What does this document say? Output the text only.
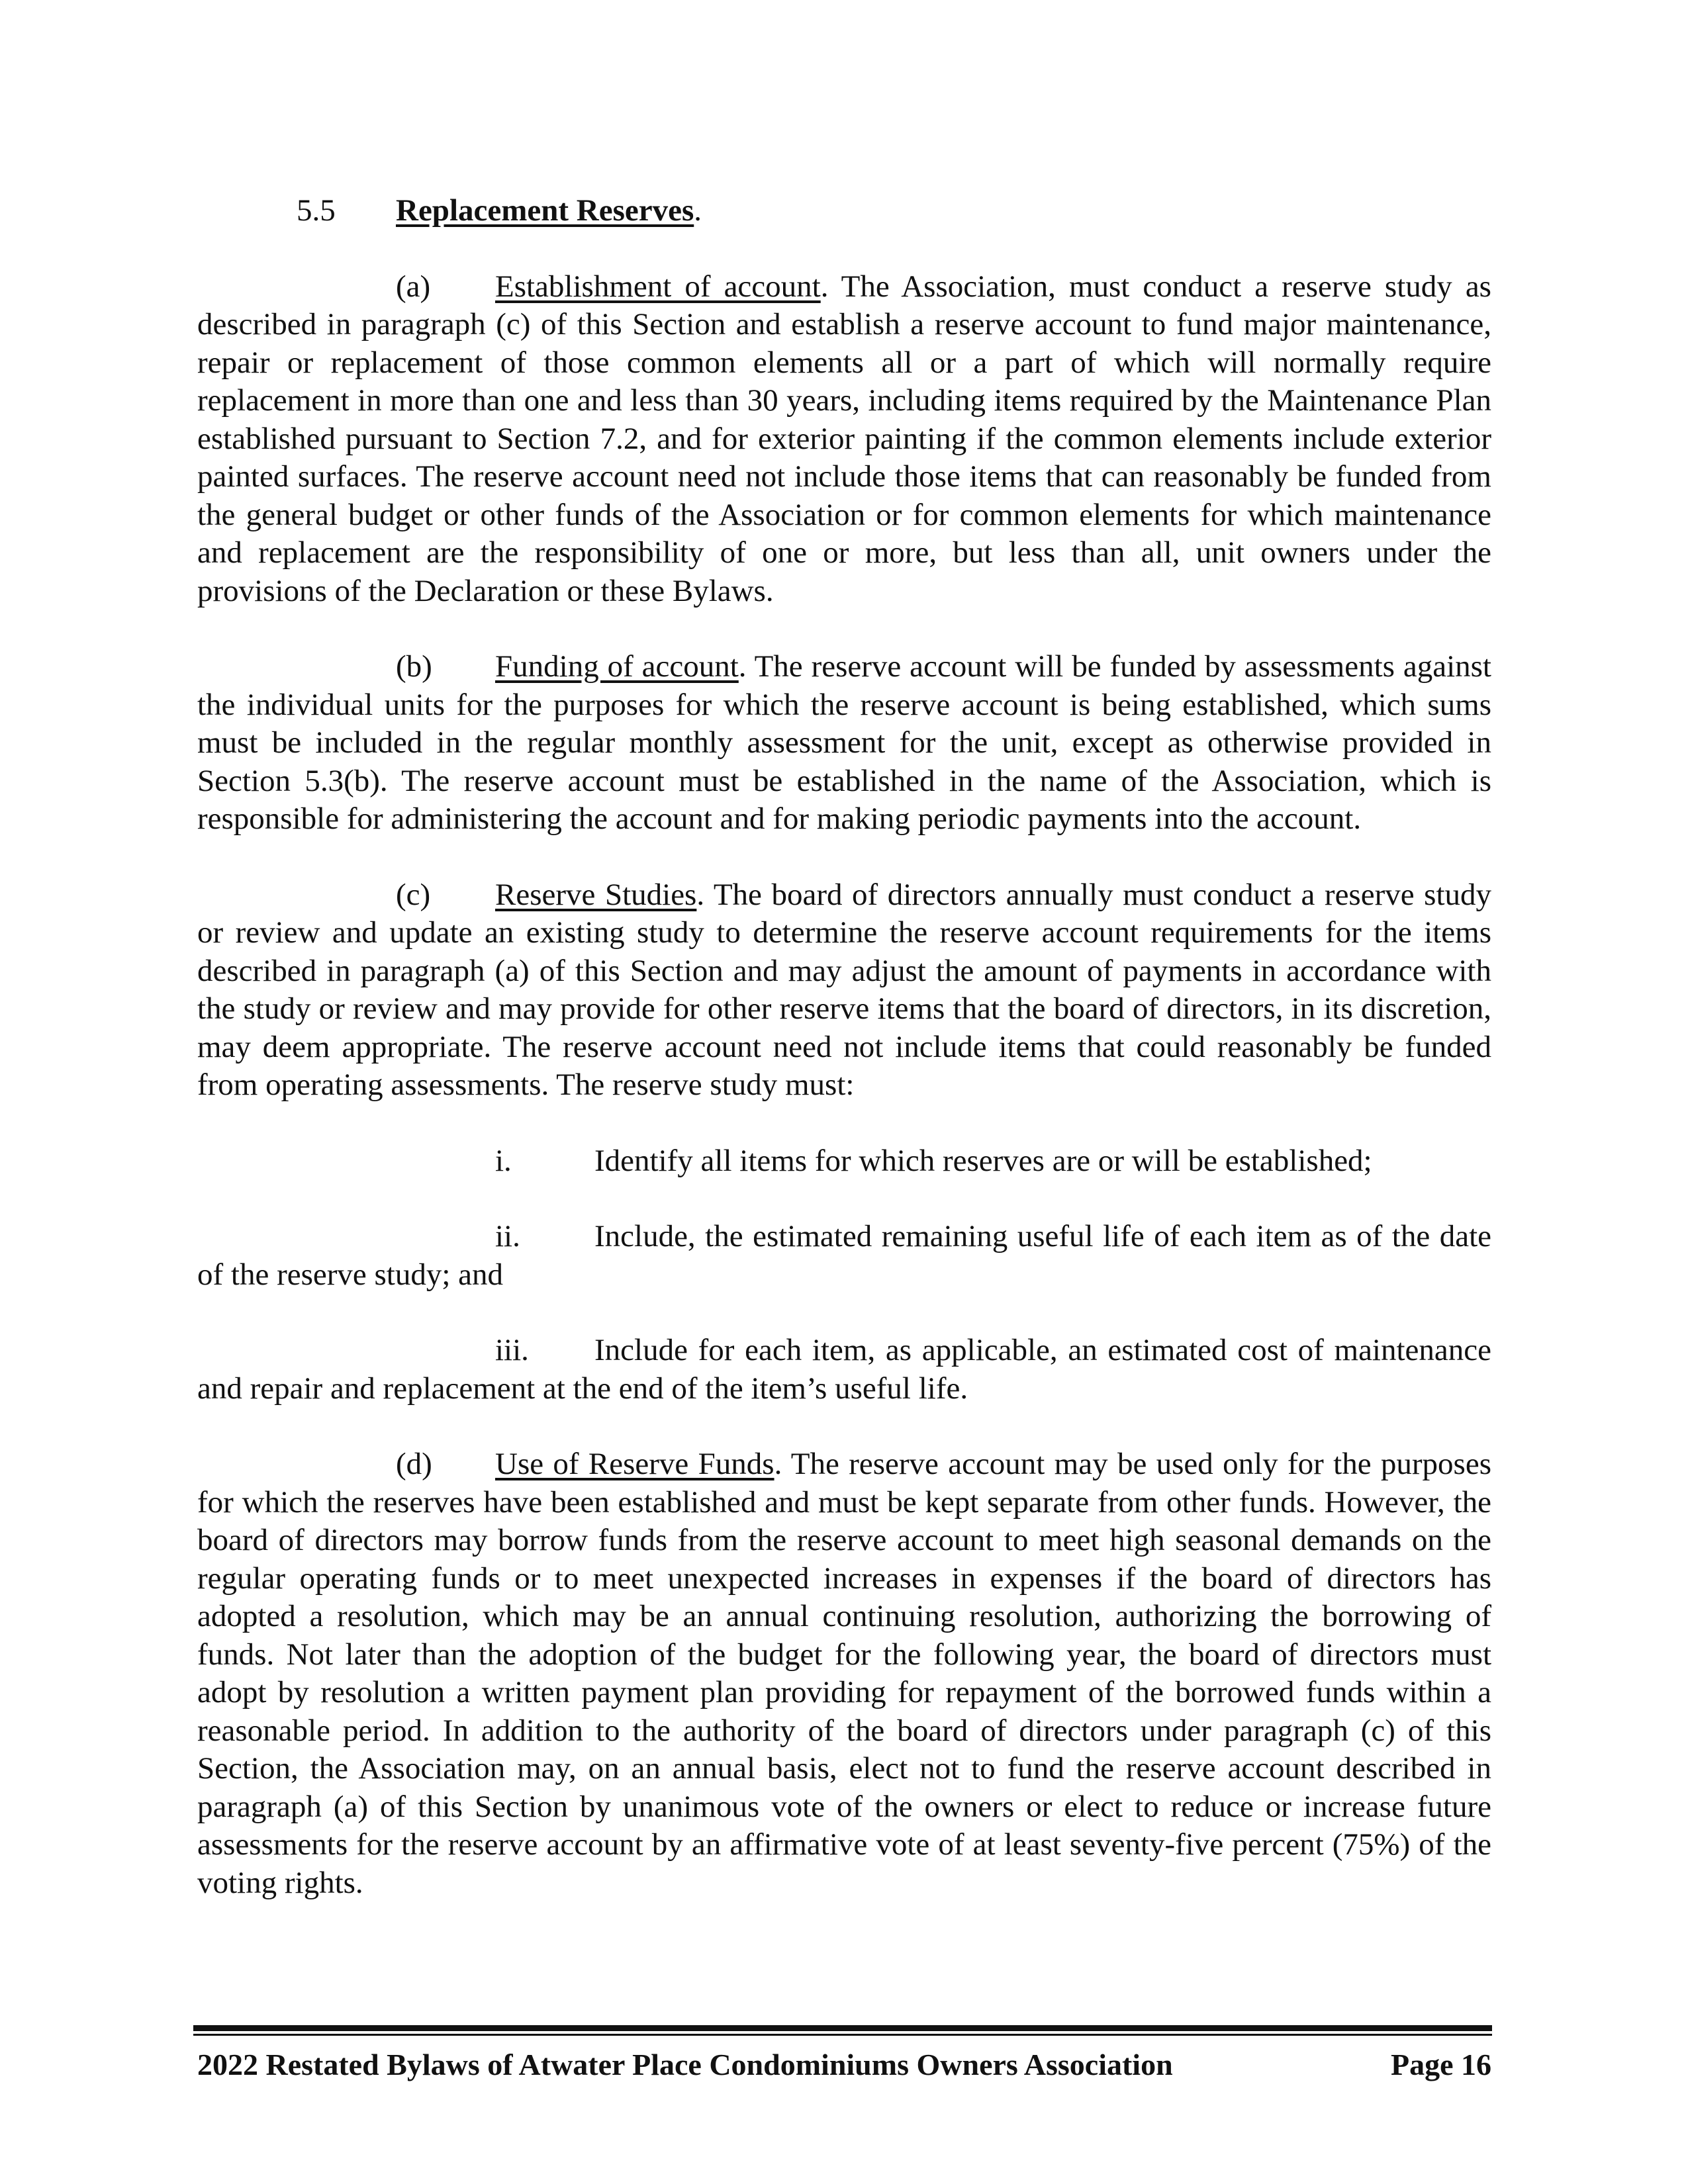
5.5 Replacement Reserves.

(a) Establishment of account. The Association, must conduct a reserve study as described in paragraph (c) of this Section and establish a reserve account to fund major maintenance, repair or replacement of those common elements all or a part of which will normally require replacement in more than one and less than 30 years, including items required by the Maintenance Plan established pursuant to Section 7.2, and for exterior painting if the common elements include exterior painted surfaces. The reserve account need not include those items that can reasonably be funded from the general budget or other funds of the Association or for common elements for which maintenance and replacement are the responsibility of one or more, but less than all, unit owners under the provisions of the Declaration or these Bylaws.

(b) Funding of account. The reserve account will be funded by assessments against the individual units for the purposes for which the reserve account is being established, which sums must be included in the regular monthly assessment for the unit, except as otherwise provided in Section 5.3(b). The reserve account must be established in the name of the Association, which is responsible for administering the account and for making periodic payments into the account.

(c) Reserve Studies. The board of directors annually must conduct a reserve study or review and update an existing study to determine the reserve account requirements for the items described in paragraph (a) of this Section and may adjust the amount of payments in accordance with the study or review and may provide for other reserve items that the board of directors, in its discretion, may deem appropriate. The reserve account need not include items that could reasonably be funded from operating assessments. The reserve study must:

i.	Identify all items for which reserves are or will be established;

ii. Include, the estimated remaining useful life of each item as of the date of the reserve study; and

iii. Include for each item, as applicable, an estimated cost of maintenance and repair and replacement at the end of the item’s useful life.

(d) Use of Reserve Funds. The reserve account may be used only for the purposes for which the reserves have been established and must be kept separate from other funds. However, the board of directors may borrow funds from the reserve account to meet high seasonal demands on the regular operating funds or to meet unexpected increases in expenses if the board of directors has adopted a resolution, which may be an annual continuing resolution, authorizing the borrowing of funds. Not later than the adoption of the budget for the following year, the board of directors must adopt by resolution a written payment plan providing for repayment of the borrowed funds within a reasonable period. In addition to the authority of the board of directors under paragraph (c) of this Section, the Association may, on an annual basis, elect not to fund the reserve account described in paragraph (a) of this Section by unanimous vote of the owners or elect to reduce or increase future assessments for the reserve account by an affirmative vote of at least seventy-five percent (75%) of the voting rights.

2022 Restated Bylaws of Atwater Place Condominiums Owners Association	Page 16
